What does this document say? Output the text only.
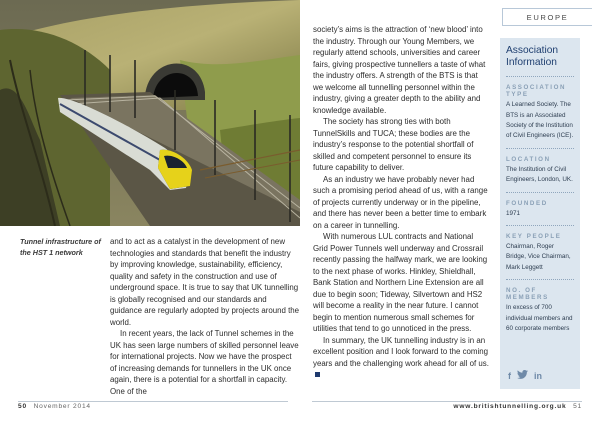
Tunnel infrastructure of the HST 1 network

and to act as a catalyst in the development of new technologies and standards that benefit the industry by improving knowledge, sustainability, efficiency, quality and safety in the construction and use of underground space. It is true to say that UK tunnelling is globally recognised and our standards and guidance are regularly adopted by projects around the world.

In recent years, the lack of Tunnel schemes in the UK has seen large numbers of skilled personnel leave for international projects. Now we have the prospect of increasing demands for tunnellers in the UK once again, there is a potential for a shortfall in capacity. One of the

society’s aims is the attraction of ‘new blood’ into the industry. Through our Young Members, we regularly attend schools, universities and career fairs, giving prospective tunnellers a taste of what the industry offers. A strength of the BTS is that we welcome all tunnelling personnel within the industry, giving a greater depth to the ability and knowledge available.

The society has strong ties with both TunnelSkills and TUCA; these bodies are the industry’s response to the potential shortfall of skilled and competent personnel to ensure its future capability to deliver.

As an industry we have probably never had such a promising period ahead of us, with a range of projects currently underway or in the pipeline, and there has never been a better time to embark on a career in tunnelling.

With numerous LUL contracts and National Grid Power Tunnels well underway and Crossrail recently passing the halfway mark, we are looking to the next phase of works. Hinkley, Shieldhall, Bank Station and Northern Line Extension are all due to begin soon; Tideway, Silvertown and HS2 will become a reality in the near future. I cannot begin to mention numerous small schemes for utilities that tend to go unnoticed in the press.

In summary, the UK tunnelling industry is in an excellent position and I look forward to the coming years and the challenging work ahead for all of us.

EUROPE
Association Information
ASSOCIATION TYPE
A Learned Society. The BTS is an Associated Society of the Institution of Civil Engineers (ICE).
LOCATION
The Institution of Civil Engineers, London, UK.
FOUNDED
1971
KEY PEOPLE
Chairman, Roger Bridge, Vice Chairman, Mark Leggett
NO. OF MEMBERS
In excess of 700 individual members and 60 corporate members
f	in
50 November 2014	www.britishtunnelling.org.uk 51
